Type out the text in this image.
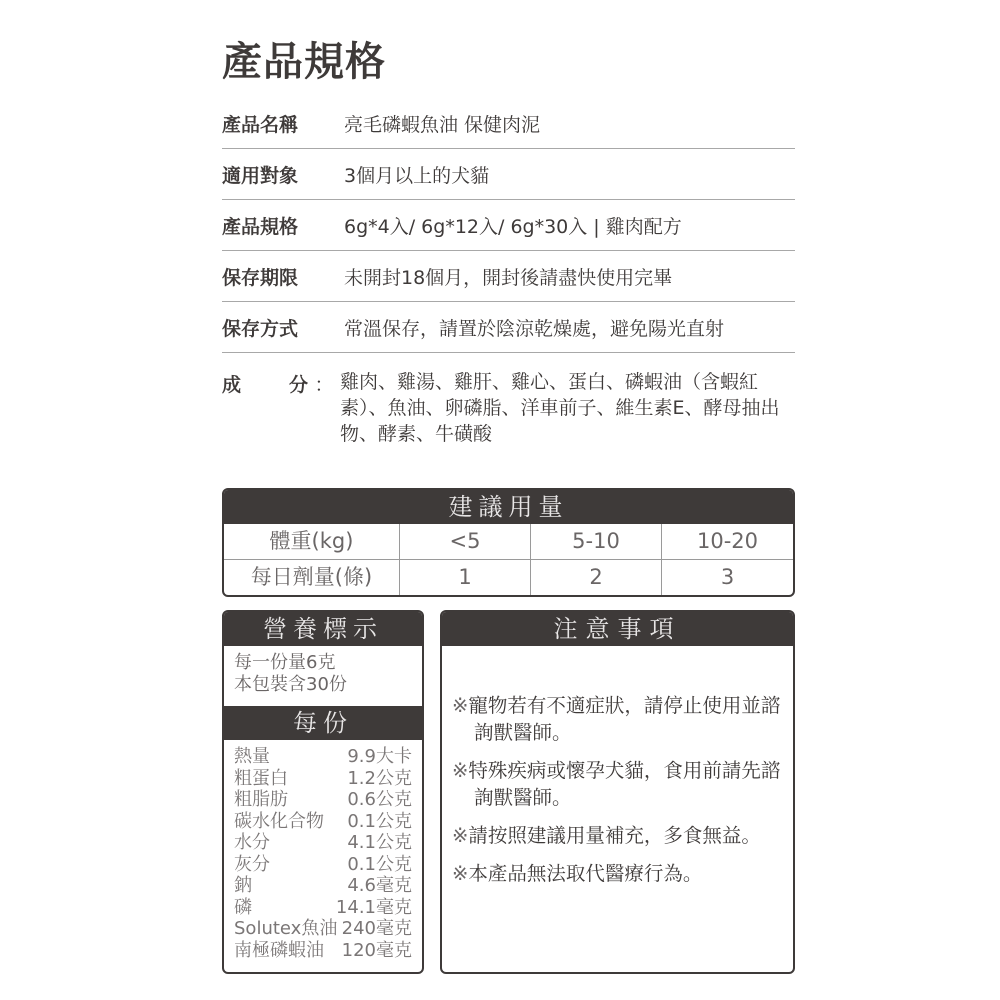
產品規格
產品名稱	亮毛磷蝦魚油 保健肉泥
適用對象	3個月以上的犬貓
產品規格	6g*4入/ 6g*12入/ 6g*30入 | 雞肉配方
保存期限	未開封18個月，開封後請盡快使用完畢
保存方式	常溫保存，請置於陰涼乾燥處，避免陽光直射
成	分 ： 雞肉、雞湯、雞肝、雞心、蛋白、磷蝦油（含蝦紅素）、魚油、卵磷脂、洋車前子、維生素E、酵母抽出物、酵素、牛磺酸
建議用量
體重(kg)	<5	5-10	10-20
每日劑量(條)	1	2	3
營養標示
每一份量6克
本包裝含30份
每份
熱量	9.9大卡
粗蛋白	1.2公克
粗脂肪	0.6公克
碳水化合物 0.1公克
水分	4.1公克
灰分	0.1公克
鈉	4.6毫克
磷	14.1毫克
Solutex魚油 240毫克
南極磷蝦油 120毫克
注意事項
※寵物若有不適症狀，請停止使用並諮詢獸醫師。
※特殊疾病或懷孕犬貓，食用前請先諮詢獸醫師。
※請按照建議用量補充，多食無益。
※本產品無法取代醫療行為。
